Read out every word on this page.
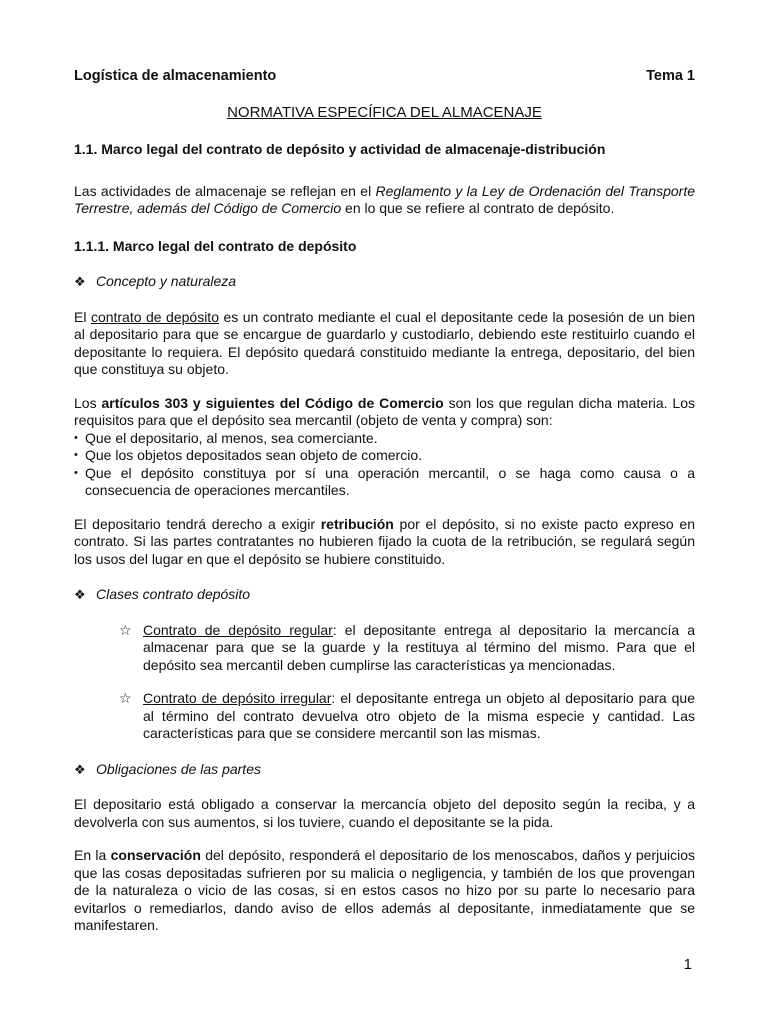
Logística de almacenamiento	Tema 1
NORMATIVA ESPECÍFICA DEL ALMACENAJE
1.1. Marco legal del contrato de depósito y actividad de almacenaje-distribución

Las actividades de almacenaje se reflejan en el Reglamento y la Ley de Ordenación del Transporte Terrestre, además del Código de Comercio en lo que se refiere al contrato de depósito.

1.1.1. Marco legal del contrato de depósito
❖ Concepto y naturaleza

El contrato de depósito es un contrato mediante el cual el depositante cede la posesión de un bien al depositario para que se encargue de guardarlo y custodiarlo, debiendo este restituirlo cuando el depositante lo requiera. El depósito quedará constituido mediante la entrega, depositario, del bien que constituya su objeto.

Los artículos 303 y siguientes del Código de Comercio son los que regulan dicha materia. Los requisitos para que el depósito sea mercantil (objeto de venta y compra) son:

• Que el depositario, al menos, sea comerciante.
• Que los objetos depositados sean objeto de comercio.
• Que el depósito constituya por sí una operación mercantil, o se haga como causa o a consecuencia de operaciones mercantiles.

El depositario tendrá derecho a exigir retribución por el depósito, si no existe pacto expreso en contrato. Si las partes contratantes no hubieren fijado la cuota de la retribución, se regulará según los usos del lugar en que el depósito se hubiere constituido.

❖ Clases contrato depósito

☆ Contrato de depósito regular: el depositante entrega al depositario la mercancía a almacenar para que se la guarde y la restituya al término del mismo. Para que el depósito sea mercantil deben cumplirse las características ya mencionadas.

☆ Contrato de depósito irregular: el depositante entrega un objeto al depositario para que al término del contrato devuelva otro objeto de la misma especie y cantidad. Las características para que se considere mercantil son las mismas.

❖ Obligaciones de las partes

El depositario está obligado a conservar la mercancía objeto del deposito según la reciba, y a devolverla con sus aumentos, si los tuviere, cuando el depositante se la pida.

En la conservación del depósito, responderá el depositario de los menoscabos, daños y perjuicios que las cosas depositadas sufrieren por su malicia o negligencia, y también de los que provengan de la naturaleza o vicio de las cosas, si en estos casos no hizo por su parte lo necesario para evitarlos o remediarlos, dando aviso de ellos además al depositante, inmediatamente que se manifestaren.

1
